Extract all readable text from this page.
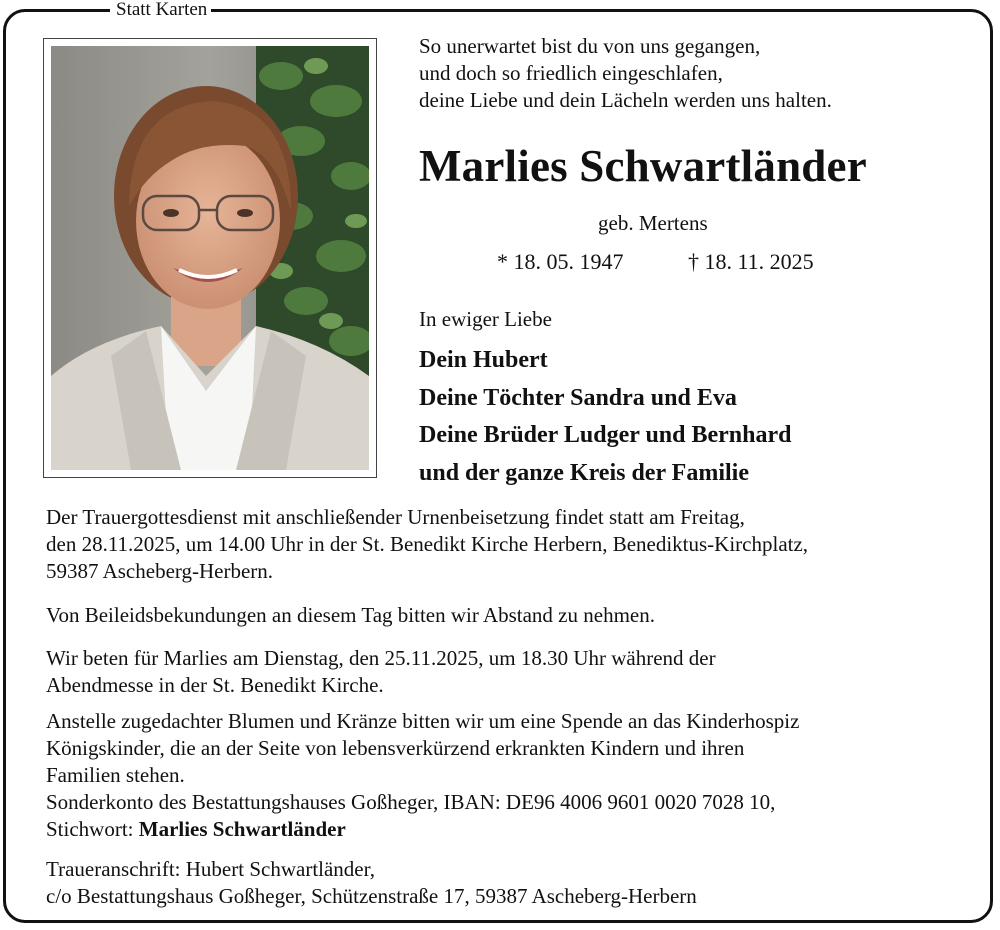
Statt Karten
So unerwartet bist du von uns gegangen,
und doch so friedlich eingeschlafen,
deine Liebe und dein Lächeln werden uns halten.
Marlies Schwartländer
geb. Mertens
* 18. 05. 1947	† 18. 11. 2025
In ewiger Liebe
Dein Hubert
Deine Töchter Sandra und Eva
Deine Brüder Ludger und Bernhard
und der ganze Kreis der Familie
Der Trauergottesdienst mit anschließender Urnenbeisetzung findet statt am Freitag,
den 28.11.2025, um 14.00 Uhr in der St. Benedikt Kirche Herbern, Benediktus-Kirchplatz,
59387 Ascheberg-Herbern.
Von Beileidsbekundungen an diesem Tag bitten wir Abstand zu nehmen.
Wir beten für Marlies am Dienstag, den 25.11.2025, um 18.30 Uhr während der
Abendmesse in der St. Benedikt Kirche.
Anstelle zugedachter Blumen und Kränze bitten wir um eine Spende an das Kinderhospiz
Königskinder, die an der Seite von lebensverkürzend erkrankten Kindern und ihren
Familien stehen.
Sonderkonto des Bestattungshauses Goßheger, IBAN: DE96 4006 9601 0020 7028 10,
Stichwort: Marlies Schwartländer
Traueranschrift: Hubert Schwartländer,
c/o Bestattungshaus Goßheger, Schützenstraße 17, 59387 Ascheberg-Herbern
